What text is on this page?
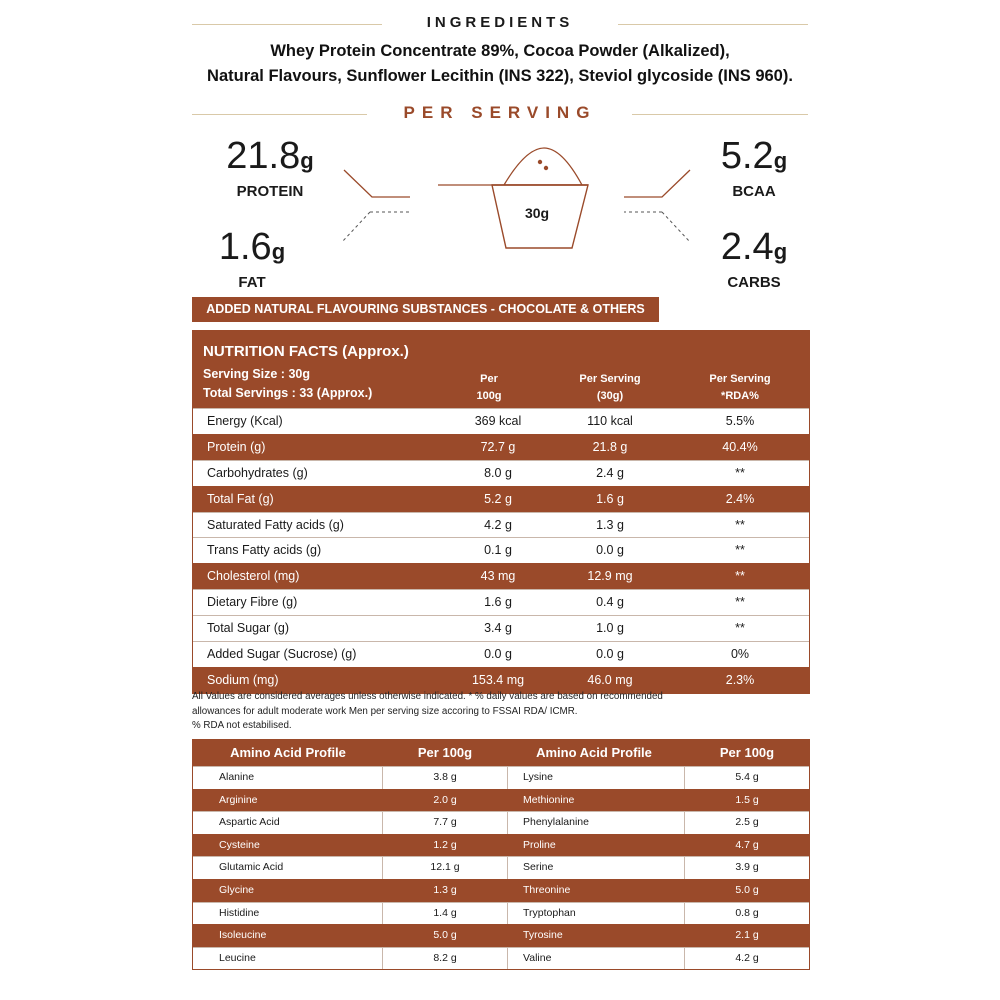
INGREDIENTS
Whey Protein Concentrate 89%, Cocoa Powder (Alkalized),
Natural Flavours, Sunflower Lecithin (INS 322), Steviol glycoside (INS 960).
PER SERVING
21.8g
PROTEIN
1.6g
FAT
5.2g
BCAA
2.4g
CARBS
30g
ADDED NATURAL FLAVOURING SUBSTANCES - CHOCOLATE & OTHERS
NUTRITION FACTS (Approx.)
Serving Size : 30g
Total Servings : 33 (Approx.)
Per
100g
Per Serving
(30g)
Per Serving
*RDA%
Energy (Kcal)	369 kcal	110 kcal	5.5%
Protein (g)	72.7 g	21.8 g	40.4%
Carbohydrates (g)	8.0 g	2.4 g	**
Total Fat (g)	5.2 g	1.6 g	2.4%
Saturated Fatty acids (g)	4.2 g	1.3 g	**
Trans Fatty acids (g)	0.1 g	0.0 g	**
Cholesterol (mg)	43 mg	12.9 mg	**
Dietary Fibre (g)	1.6 g	0.4 g	**
Total Sugar (g)	3.4 g	1.0 g	**
Added Sugar (Sucrose) (g)	0.0 g	0.0 g	0%
Sodium (mg)	153.4 mg	46.0 mg	2.3%
All Values are considered averages unless otherwise indicated. * % daily values are based on recommended
allowances for adult moderate work Men per serving size accoring to FSSAI RDA/ ICMR.
% RDA not estabilised.
Amino Acid Profile	Per 100g	Amino Acid Profile	Per 100g
Alanine	3.8 g	Lysine	5.4 g
Arginine	2.0 g	Methionine	1.5 g
Aspartic Acid	7.7 g	Phenylalanine	2.5 g
Cysteine	1.2 g	Proline	4.7 g
Glutamic Acid	12.1 g	Serine	3.9 g
Glycine	1.3 g	Threonine	5.0 g
Histidine	1.4 g	Tryptophan	0.8 g
Isoleucine	5.0 g	Tyrosine	2.1 g
Leucine	8.2 g	Valine	4.2 g
